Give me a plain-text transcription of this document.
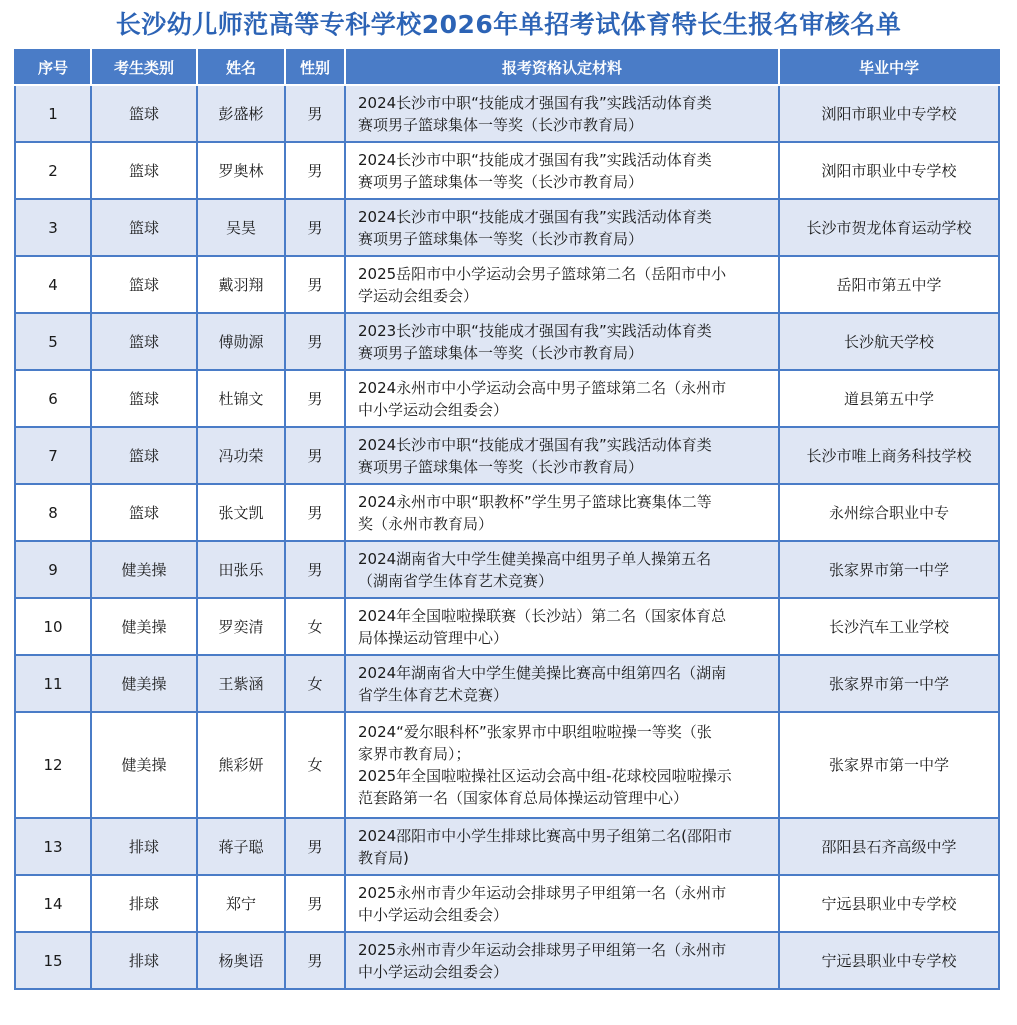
长沙幼儿师范高等专科学校2026年单招考试体育特长生报名审核名单
序号	考生类别	姓名	性别	报考资格认定材料	毕业中学
1	篮球	彭盛彬	男	2024长沙市中职“技能成才强国有我”实践活动体育类
赛项男子篮球集体一等奖（长沙市教育局）	浏阳市职业中专学校
2	篮球	罗奥林	男	2024长沙市中职“技能成才强国有我”实践活动体育类
赛项男子篮球集体一等奖（长沙市教育局）	浏阳市职业中专学校
3	篮球	吴昊	男	2024长沙市中职“技能成才强国有我”实践活动体育类
赛项男子篮球集体一等奖（长沙市教育局）	长沙市贺龙体育运动学校
4	篮球	戴羽翔	男	2025岳阳市中小学运动会男子篮球第二名（岳阳市中小
学运动会组委会）	岳阳市第五中学
5	篮球	傅勋源	男	2023长沙市中职“技能成才强国有我”实践活动体育类
赛项男子篮球集体一等奖（长沙市教育局）	长沙航天学校
6	篮球	杜锦文	男	2024永州市中小学运动会高中男子篮球第二名（永州市
中小学运动会组委会）	道县第五中学
7	篮球	冯功荣	男	2024长沙市中职“技能成才强国有我”实践活动体育类
赛项男子篮球集体一等奖（长沙市教育局）	长沙市唯上商务科技学校
8	篮球	张文凯	男	2024永州市中职“职教杯”学生男子篮球比赛集体二等
奖（永州市教育局）	永州综合职业中专
9	健美操	田张乐	男	2024湖南省大中学生健美操高中组男子单人操第五名
（湖南省学生体育艺术竞赛）	张家界市第一中学
10	健美操	罗奕清	女	2024年全国啦啦操联赛（长沙站）第二名（国家体育总
局体操运动管理中心）	长沙汽车工业学校
11	健美操	王紫涵	女	2024年湖南省大中学生健美操比赛高中组第四名（湖南
省学生体育艺术竞赛）	张家界市第一中学
12	健美操	熊彩妍	女	2024“爱尔眼科杯”张家界市中职组啦啦操一等奖（张
家界市教育局）；
2025年全国啦啦操社区运动会高中组-花球校园啦啦操示
范套路第一名（国家体育总局体操运动管理中心）	张家界市第一中学
13	排球	蒋子聪	男	2024邵阳市中小学生排球比赛高中男子组第二名(邵阳市
教育局)	邵阳县石齐高级中学
14	排球	郑宁	男	2025永州市青少年运动会排球男子甲组第一名（永州市
中小学运动会组委会）	宁远县职业中专学校
15	排球	杨奥语	男	2025永州市青少年运动会排球男子甲组第一名（永州市
中小学运动会组委会）	宁远县职业中专学校
